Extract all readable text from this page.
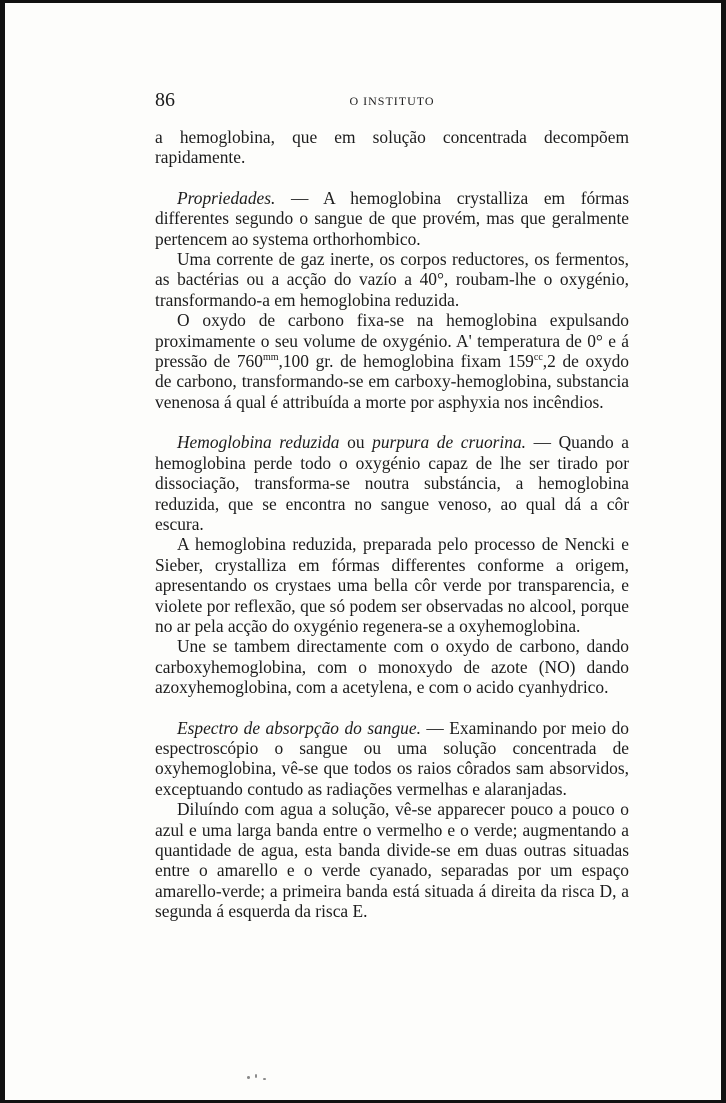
86	O INSTITUTO

a hemoglobina, que em solução concentrada decompõem rapidamente.

Propriedades. — A hemoglobina crystalliza em fórmas differentes segundo o sangue de que provém, mas que geralmente pertencem ao systema orthorhombico.

Uma corrente de gaz inerte, os corpos reductores, os fermentos, as bactérias ou a acção do vazío a 40°, roubam-lhe o oxygénio, transformando-a em hemoglobina reduzida.

O oxydo de carbono fixa-se na hemoglobina expulsando proximamente o seu volume de oxygénio. A' temperatura de 0° e á pressão de $760^{mm},100$ gr. de hemoglobina fixam $159^{cc},2$ de oxydo de carbono, transformando-se em carboxy-hemoglobina, substancia venenosa á qual é attribuída a morte por asphyxia nos incêndios.

Hemoglobina reduzida ou purpura de cruorina. — Quando a hemoglobina perde todo o oxygénio capaz de lhe ser tirado por dissociação, transforma-se noutra substáncia, a hemoglobina reduzida, que se encontra no sangue venoso, ao qual dá a côr escura.

A hemoglobina reduzida, preparada pelo processo de Nencki e Sieber, crystalliza em fórmas differentes conforme a origem, apresentando os crystaes uma bella côr verde por transparencia, e violete por reflexão, que só podem ser observadas no alcool, porque no ar pela acção do oxygénio regenera-se a oxyhemoglobina.

Une se tambem directamente com o oxydo de carbono, dando carboxyhemoglobina, com o monoxydo de azote (NO) dando azoxyhemoglobina, com a acetylena, e com o acido cyanhydrico.

Espectro de absorpção do sangue. — Examinando por meio do espectroscópio o sangue ou uma solução concentrada de oxyhemoglobina, vê-se que todos os raios côrados sam absorvidos, exceptuando contudo as radiações vermelhas e alaranjadas.

Diluíndo com agua a solução, vê-se apparecer pouco a pouco o azul e uma larga banda entre o vermelho e o verde; augmentando a quantidade de agua, esta banda divide-se em duas outras situadas entre o amarello e o verde cyanado, separadas por um espaço amarello-verde; a primeira banda está situada á direita da risca D, a segunda á esquerda da risca E.
